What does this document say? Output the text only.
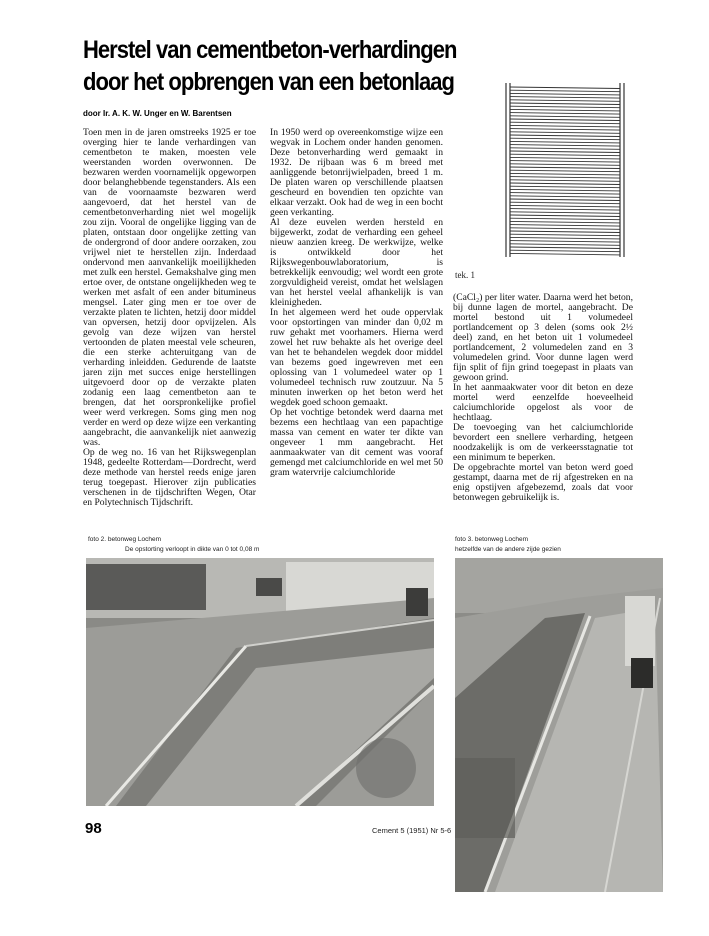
Herstel van cementbeton-verhardingen
door het opbrengen van een betonlaag
door Ir. A. K. W. Unger en W. Barentsen

Toen men in de jaren omstreeks 1925 er toe overging hier te lande verhardingen van cementbeton te maken, moesten vele weerstanden worden overwonnen. De bezwaren werden voornamelijk opgeworpen door belanghebbende tegenstanders. Als een van de voornaamste bezwaren werd aangevoerd, dat het herstel van de cementbetonverharding niet wel mogelijk zou zijn. Vooral de ongelijke ligging van de platen, ontstaan door ongelijke zetting van de ondergrond of door andere oorzaken, zou vrijwel niet te herstellen zijn. Inderdaad ondervond men aanvankelijk moeilijkheden met zulk een herstel. Gemakshalve ging men ertoe over, de ontstane ongelijkheden weg te werken met asfalt of een ander bitumineus mengsel. Later ging men er toe over de verzakte platen te lichten, hetzij door middel van opversen, hetzij door opvijzelen. Als gevolg van deze wijzen van herstel vertoonden de platen meestal vele scheuren, die een sterke achteruitgang van de verharding inleidden. Gedurende de laatste jaren zijn met succes enige herstellingen uitgevoerd door op de verzakte platen zodanig een laag cementbeton aan te brengen, dat het oorspronkelijke profiel weer werd verkregen. Soms ging men nog verder en werd op deze wijze een verkanting aangebracht, die aanvankelijk niet aanwezig was.

Op de weg no. 16 van het Rijkswegenplan 1948, gedeelte Rotterdam—Dordrecht, werd deze methode van herstel reeds enige jaren terug toegepast. Hierover zijn publicaties verschenen in de tijdschriften Wegen, Otar en Polytechnisch Tijdschrift.

In 1950 werd op overeenkomstige wijze een wegvak in Lochem onder handen genomen. Deze betonverharding werd gemaakt in 1932. De rijbaan was 6 m breed met aanliggende betonrijwielpaden, breed 1 m. De platen waren op verschillende plaatsen gescheurd en bovendien ten opzichte van elkaar verzakt. Ook had de weg in een bocht geen verkanting.

Al deze euvelen werden hersteld en bijgewerkt, zodat de verharding een geheel nieuw aanzien kreeg. De werkwijze, welke is ontwikkeld door het Rijkswegenbouwlaboratorium, is betrekkelijk eenvoudig; wel wordt een grote zorgvuldigheid vereist, omdat het welslagen van het herstel veelal afhankelijk is van kleinigheden.

In het algemeen werd het oude oppervlak voor opstortingen van minder dan 0,02 m ruw gehakt met voorhamers. Hierna werd zowel het ruw behakte als het overige deel van het te behandelen wegdek door middel van bezems goed ingewreven met een oplossing van 1 volumedeel water op 1 volumedeel technisch ruw zoutzuur. Na 5 minuten inwerken op het beton werd het wegdek goed schoon gemaakt.

Op het vochtige betondek werd daarna met bezems een hechtlaag van een papachtige massa van cement en water ter dikte van ongeveer 1 mm aangebracht. Het aanmaakwater van dit cement was vooraf gemengd met calciumchloride en wel met 50 gram watervrije calciumchloride

tek. 1

(CaCl₂) per liter water. Daarna werd het beton, bij dunne lagen de mortel, aangebracht. De mortel bestond uit 1 volumedeel portlandcement op 3 delen (soms ook 2½ deel) zand, en het beton uit 1 volumedeel portlandcement, 2 volumedelen zand en 3 volumedelen grind. Voor dunne lagen werd fijn split of fijn grind toegepast in plaats van gewoon grind.

In het aanmaakwater voor dit beton en deze mortel werd eenzelfde hoeveelheid calciumchloride opgelost als voor de hechtlaag.

De toevoeging van het calciumchloride bevordert een snellere verharding, hetgeen noodzakelijk is om de verkeersstagnatie tot een minimum te beperken.

De opgebrachte mortel van beton werd goed gestampt, daarna met de rij afgestreken en na enig opstijven afgebezemd, zoals dat voor betonwegen gebruikelijk is.

foto 2. betonweg Lochem
De opstorting verloopt in dikte van 0 tot 0,08 m
foto 3. betonweg Lochem
hetzelfde van de andere zijde gezien
98	Cement 5 (1951) Nr 5-6
